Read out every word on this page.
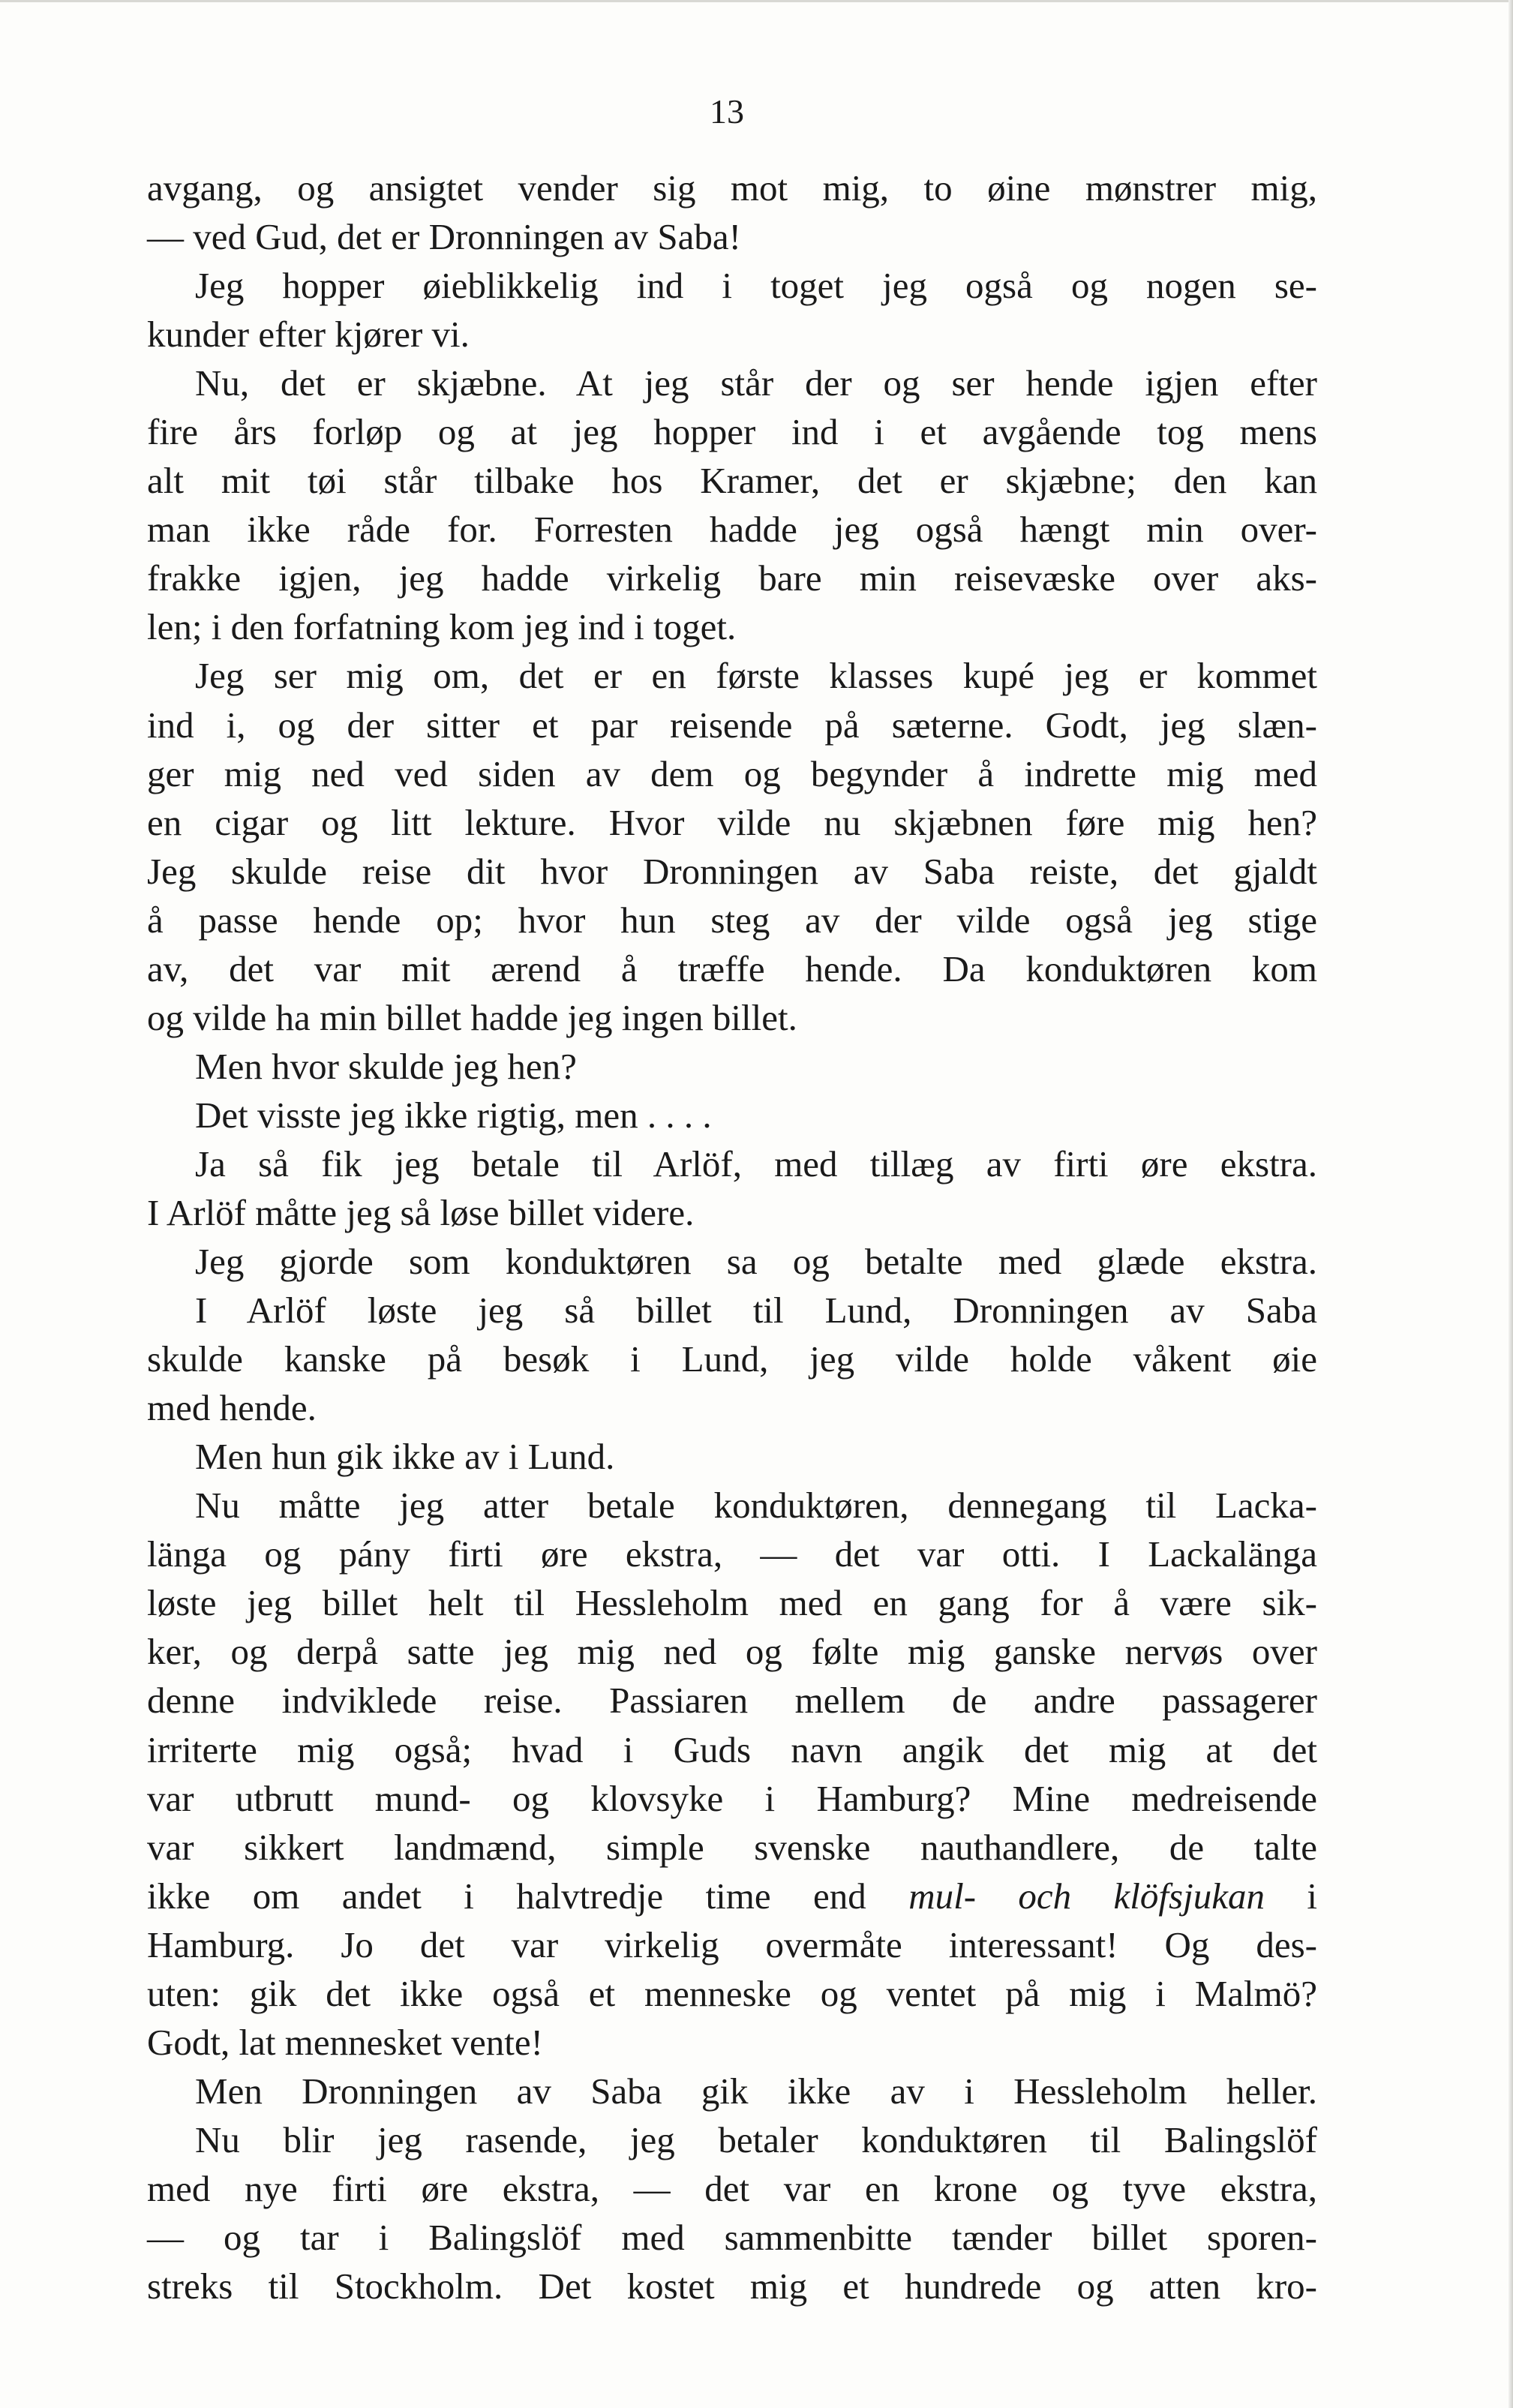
13
avgang, og ansigtet vender sig mot mig, to øine mønstrer mig,
— ved Gud, det er Dronningen av Saba!
Jeg hopper øieblikkelig ind i toget jeg også og nogen se-
kunder efter kjører vi.
Nu, det er skjæbne. At jeg står der og ser hende igjen efter
fire års forløp og at jeg hopper ind i et avgående tog mens
alt mit tøi står tilbake hos Kramer, det er skjæbne; den kan
man ikke råde for. Forresten hadde jeg også hængt min over-
frakke igjen, jeg hadde virkelig bare min reisevæske over aks-
len; i den forfatning kom jeg ind i toget.
Jeg ser mig om, det er en første klasses kupé jeg er kommet
ind i, og der sitter et par reisende på sæterne. Godt, jeg slæn-
ger mig ned ved siden av dem og begynder å indrette mig med
en cigar og litt lekture. Hvor vilde nu skjæbnen føre mig hen?
Jeg skulde reise dit hvor Dronningen av Saba reiste, det gjaldt
å passe hende op; hvor hun steg av der vilde også jeg stige
av, det var mit ærend å træffe hende. Da konduktøren kom
og vilde ha min billet hadde jeg ingen billet.
Men hvor skulde jeg hen?
Det visste jeg ikke rigtig, men . . . .
Ja så fik jeg betale til Arlöf, med tillæg av firti øre ekstra.
I Arlöf måtte jeg så løse billet videre.
Jeg gjorde som konduktøren sa og betalte med glæde ekstra.
I Arlöf løste jeg så billet til Lund, Dronningen av Saba
skulde kanske på besøk i Lund, jeg vilde holde våkent øie
med hende.
Men hun gik ikke av i Lund.
Nu måtte jeg atter betale konduktøren, dennegang til Lacka-
länga og pány firti øre ekstra, — det var otti. I Lackalänga
løste jeg billet helt til Hessleholm med en gang for å være sik-
ker, og derpå satte jeg mig ned og følte mig ganske nervøs over
denne indviklede reise. Passiaren mellem de andre passagerer
irriterte mig også; hvad i Guds navn angik det mig at det
var utbrutt mund- og klovsyke i Hamburg? Mine medreisende
var sikkert landmænd, simple svenske nauthandlere, de talte
ikke om andet i halvtredje time end mul- och klöfsjukan i
Hamburg. Jo det var virkelig overmåte interessant! Og des-
uten: gik det ikke også et menneske og ventet på mig i Malmö?
Godt, lat mennesket vente!
Men Dronningen av Saba gik ikke av i Hessleholm heller.
Nu blir jeg rasende, jeg betaler konduktøren til Balingslöf
med nye firti øre ekstra, — det var en krone og tyve ekstra,
— og tar i Balingslöf med sammenbitte tænder billet sporen-
streks til Stockholm. Det kostet mig et hundrede og atten kro-
